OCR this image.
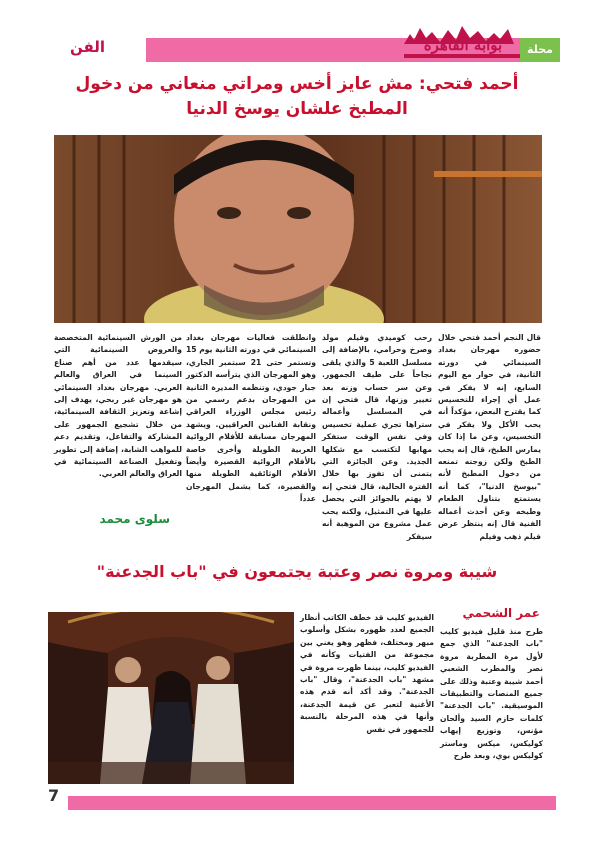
محلة
بوابة القاهرة
الفن
أحمد فتحي: مش عايز أخس ومراتي منعاني من دخول المطبخ علشان يوسخ الدنيا
قال النجم أحمد فتحي خلال حضوره مهرجان بغداد السينمائي في دورته الثانية، في حوار مع اليوم السابع، إنه لا يفكر في عمل أي إجراء للتخسيس كما يقترح البعض، مؤكداً أنه يحب الأكل ولا يفكر في التخسيس، وعن ما إذا كان يمارس الطبخ، قال إنه يحب الطبخ ولكن زوجته تمنعه من دخول المطبخ لأنه "بيوسخ الدنيا"، كما أنه يستمتع بتناول الطعام وطبخه وعن أحدث أعماله الفنية قال إنه ينتظر عرض فيلم ذهب وفيلم
رحب كوميدي وفيلم مولد وصرخ وحرامي، بالإضافة إلى مسلسل اللعبة 5 والذي يلقى نجاحاً على طيف الجمهور. وعن سر حساب وزنه بعد تغيير وزنها، قال فتحي إن في المسلسل وأعماله ستراها تجري عملية تخسيس وفي نفس الوقت ستفكر مهابها لتكتسب مع شكلها الجديد. وعن الجائزة التي يتمنى أن تفوز بها خلال الفترة الحالية، قال فتحي إنه لا يهتم بالجوائز التي يحصل عليها في التمثيل، ولكنه يحب عمل مشروع من الموهبة أنه سيفكر
وانطلقت فعاليات مهرجان بغداد السينمائي في دورته الثانية يوم 15 وتستمر حتى 21 سبتمبر الجاري، وهو المهرجان الذي يترأسه الدكتور جبار جودي، وتنظمه المديرة الثانية من المهرجان بدعم رسمي من رئيس مجلس الوزراء العراقي ونقابة الفنانين العراقيين. ويشهد المهرجان مسابقة للأفلام الروائية العربية الطويلة وأخرى خاصة بالأفلام الروائية القصيرة وأيضاً الأفلام الوثائقية الطويلة منها والقصيرة، كما يشمل المهرجان عدداً
من الورش السينمائية المتخصصة والعروض السينمائية التي سيقدمها عدد من أهم صناع السينما في العراق والعالم العربي. مهرجان بغداد السينمائي هو مهرجان غير ربحي، يهدف إلى إشاعة وتعزيز الثقافة السينمائية، من خلال تشجيع الجمهور على المشاركة والتفاعل، وتقديم دعم للمواهب الشابة، إضافة إلى تطوير وتفعيل الصناعة السينمائية في العراق والعالم العربي.
سلوى محمد
شيبة ومروة نصر وعتبة يجتمعون في "باب الجدعنة"
عمر الشحمي
طرح منذ قليل فيديو كليب "باب الجدعنة" الذي جمع لأول مرة المطربة مروة نصر والمطرب الشعبي أحمد شيبة وعتبة وذلك على جميع المنصات والتطبيقات الموسيقية. "باب الجدعنة" كلمات حازم السيد وألحان مؤنس، وتوزيع إيهاب كوليكس، ميكس وماستر كوليكس بوي، وبعد طرح
الفيديو كليب قد خطف الكاتب أنظار الجميع لعدد ظهوره بشكل وأسلوب مبهر ومختلف، فظهر وهو يغني بين مجموعة من الفتيات وكأنه في الفيديو كليب، بينما ظهرت مروة في مشهد "باب الجدعنة"، وقال "باب الجدعنة". وقد أكد أنه قدم هذه الأغنية لتعبر عن قيمة الجدعنة، وأنها في هذه المرحلة بالنسبة للجمهور في نفس
7
